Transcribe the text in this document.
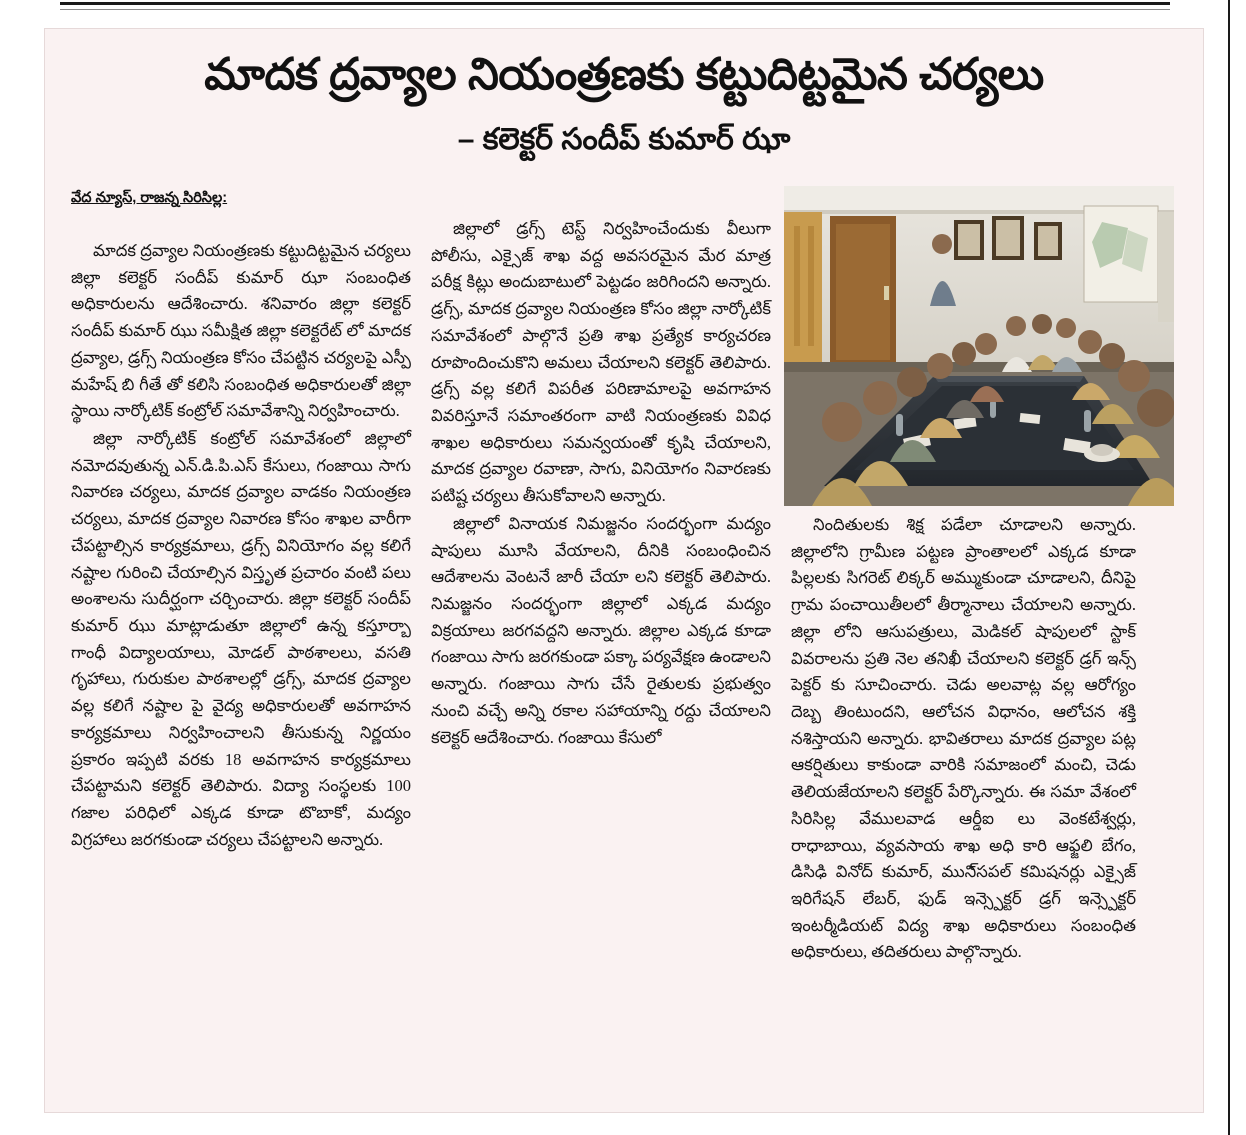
మాదక ద్రవ్యాల నియంత్రణకు కట్టుదిట్టమైన చర్యలు
– కలెక్టర్ సందీప్ కుమార్ ఝా
వేద న్యూస్, రాజన్న సిరిసిల్ల:

మాదక ద్రవ్యాల నియంత్రణకు కట్టుదిట్టమైన చర్యలు జిల్లా కలెక్టర్ సందీప్ కుమార్ ఝా సంబంధిత అధికారులను ఆదేశించారు. శనివారం జిల్లా కలెక్టర్ సందీప్ కుమార్ ఝు సమీక్షిత జిల్లా కలెక్టరేట్ లో మాదక ద్రవ్యాల, డ్రగ్స్ నియంత్రణ కోసం చేపట్టిన చర్యలపై ఎస్పీ మహేష్ బి గీతే తో కలిసి సంబంధిత అధికారులతో జిల్లా స్థాయి నార్కోటిక్ కంట్రోల్ సమావేశాన్ని నిర్వహించారు.

జిల్లా నార్కోటిక్ కంట్రోల్ సమావేశంలో జిల్లాలో నమోదవుతున్న ఎన్.డి.పి.ఎస్ కేసులు, గంజాయి సాగు నివారణ చర్యలు, మాదక ద్రవ్యాల వాడకం నియంత్రణ చర్యలు, మాదక ద్రవ్యాల నివారణ కోసం శాఖల వారీగా చేపట్టాల్సిన కార్యక్రమాలు, డ్రగ్స్ వినియోగం వల్ల కలిగే నష్టాల గురించి చేయాల్సిన విస్తృత ప్రచారం వంటి పలు అంశాలను సుదీర్ఘంగా చర్చించారు. జిల్లా కలెక్టర్ సందీప్ కుమార్ ఝు మాట్లాడుతూ జిల్లాలో ఉన్న కస్తూర్బా గాంధీ విద్యాలయాలు, మోడల్ పాఠశాలలు, వసతి గృహాలు, గురుకుల పాఠశాలల్లో డ్రగ్స్, మాదక ద్రవ్యాల వల్ల కలిగే నష్టాల పై వైద్య అధికారులతో అవగాహన కార్యక్రమాలు నిర్వహించాలని తీసుకున్న నిర్ణయం ప్రకారం ఇప్పటి వరకు 18 అవగాహన కార్యక్రమాలు చేపట్టామని కలెక్టర్ తెలిపారు. విద్యా సంస్థలకు 100 గజాల పరిధిలో ఎక్కడ కూడా టొబాకో, మద్యం విగ్రహాలు జరగకుండా చర్యలు చేపట్టాలని అన్నారు.

జిల్లాలో డ్రగ్స్ టెస్ట్ నిర్వహించేందుకు వీలుగా పోలీసు, ఎక్సైజ్ శాఖ వద్ద అవసరమైన మేర మాత్ర పరీక్ష కిట్లు అందుబాటులో పెట్టడం జరిగిందని అన్నారు. డ్రగ్స్, మాదక ద్రవ్యాల నియంత్రణ కోసం జిల్లా నార్కోటిక్ సమావేశంలో పాల్గొనే ప్రతి శాఖ ప్రత్యేక కార్యచరణ రూపొందించుకొని అమలు చేయాలని కలెక్టర్ తెలిపారు. డ్రగ్స్ వల్ల కలిగే విపరీత పరిణామాలపై అవగాహన వివరిస్తూనే సమాంతరంగా వాటి నియంత్రణకు వివిధ శాఖల అధికారులు సమన్వయంతో కృషి చేయాలని, మాదక ద్రవ్యాల రవాణా, సాగు, వినియోగం నివారణకు పటిష్ట చర్యలు తీసుకోవాలని అన్నారు.

జిల్లాలో వినాయక నిమజ్జనం సందర్భంగా మద్యం షాపులు మూసి వేయాలని, దీనికి సంబంధించిన ఆదేశాలను వెంటనే జారీ చేయా లని కలెక్టర్ తెలిపారు. నిమజ్జనం సందర్భంగా జిల్లాలో ఎక్కడ మద్యం విక్రయాలు జరగవద్దని అన్నారు. జిల్లాల ఎక్కడ కూడా గంజాయి సాగు జరగకుండా పక్కా పర్యవేక్షణ ఉండాలని అన్నారు. గంజాయి సాగు చేసే రైతులకు ప్రభుత్వం నుంచి వచ్చే అన్ని రకాల సహాయాన్ని రద్దు చేయాలని కలెక్టర్ ఆదేశించారు. గంజాయి కేసులో

నిందితులకు శిక్ష పడేలా చూడాలని అన్నారు. జిల్లాలోని గ్రామీణ పట్టణ ప్రాంతాలలో ఎక్కడ కూడా పిల్లలకు సిగరెట్ లిక్కర్ అమ్ముకుండా చూడాలని, దీనిపై గ్రామ పంచాయితీలలో తీర్మానాలు చేయాలని అన్నారు. జిల్లా లోని ఆసుపత్రులు, మెడికల్ షాపులలో స్టాక్ వివరాలను ప్రతి నెల తనిఖీ చేయాలని కలెక్టర్ డ్రగ్ ఇన్స్ పెక్టర్ కు సూచించారు. చెడు అలవాట్ల వల్ల ఆరోగ్యం దెబ్బ తింటుందని, ఆలోచన విధానం, ఆలోచన శక్తి నశిస్తాయని అన్నారు. భావితరాలు మాదక ద్రవ్యాల పట్ల ఆకర్షితులు కాకుండా వారికి సమాజంలో మంచి, చెడు తెలియజేయాలని కలెక్టర్ పేర్కొన్నారు. ఈ సమా వేశంలో సిరిసిల్ల వేములవాడ ఆర్డీఐ లు వెంకటేశ్వర్లు, రాధాబాయి, వ్యవసాయ శాఖ అధి కారి ఆఫ్జలి బేగం, డిసిఢి వినోద్ కుమార్, ముని్సపల్ కమిషనర్లు ఎక్సైజ్ ఇరిగేషన్ లేబర్, ఫుడ్ ఇన్స్పెక్టర్ డ్రగ్ ఇన్స్పెక్టర్ ఇంటర్మీడియట్ విద్య శాఖ అధికారులు సంబంధిత అధికారులు, తదితరులు పాల్గొన్నారు.
